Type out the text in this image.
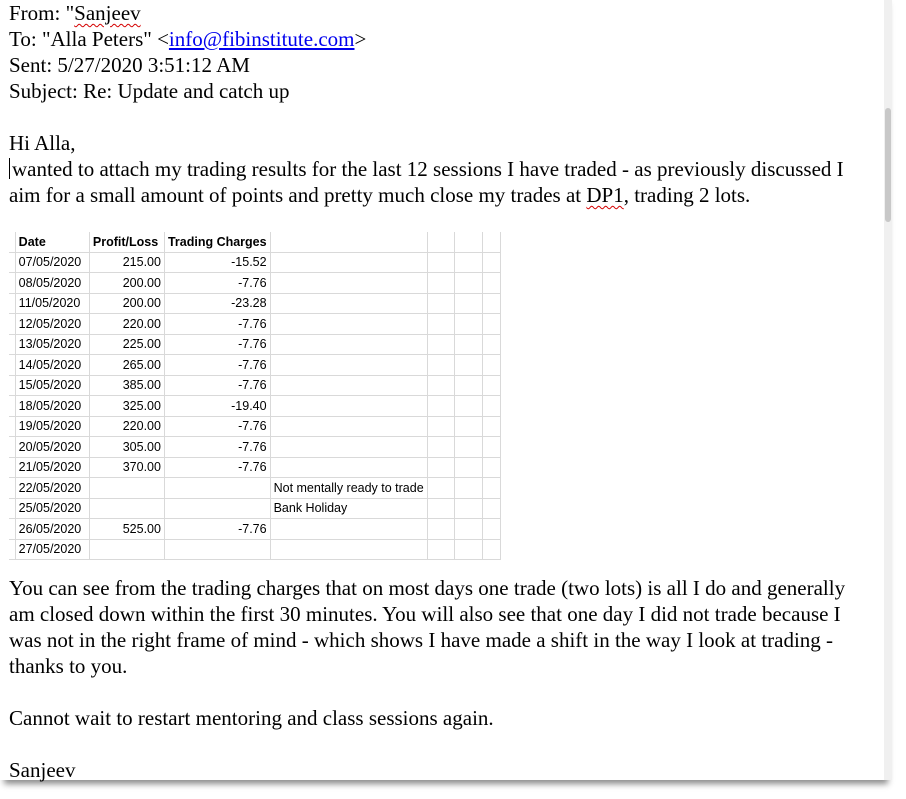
From: "Sanjeev
To: "Alla Peters" <info@fibinstitute.com>
Sent: 5/27/2020 3:51:12 AM
Subject: Re: Update and catch up

Hi Alla,

wanted to attach my trading results for the last 12 sessions I have traded - as previously discussed I aim for a small amount of points and pretty much close my trades at DP1, trading 2 lots.

	Date	Profit/Loss	Trading Charges				
	07/05/2020	215.00	-15.52				
	08/05/2020	200.00	-7.76				
	11/05/2020	200.00	-23.28				
	12/05/2020	220.00	-7.76				
	13/05/2020	225.00	-7.76				
	14/05/2020	265.00	-7.76				
	15/05/2020	385.00	-7.76				
	18/05/2020	325.00	-19.40				
	19/05/2020	220.00	-7.76				
	20/05/2020	305.00	-7.76				
	21/05/2020	370.00	-7.76				
	22/05/2020			Not mentally ready to trade			
	25/05/2020			Bank Holiday			
	26/05/2020	525.00	-7.76				
	27/05/2020						

You can see from the trading charges that on most days one trade (two lots) is all I do and generally am closed down within the first 30 minutes. You will also see that one day I did not trade because I was not in the right frame of mind - which shows I have made a shift in the way I look at trading - thanks to you.

Cannot wait to restart mentoring and class sessions again.

Sanjeev
